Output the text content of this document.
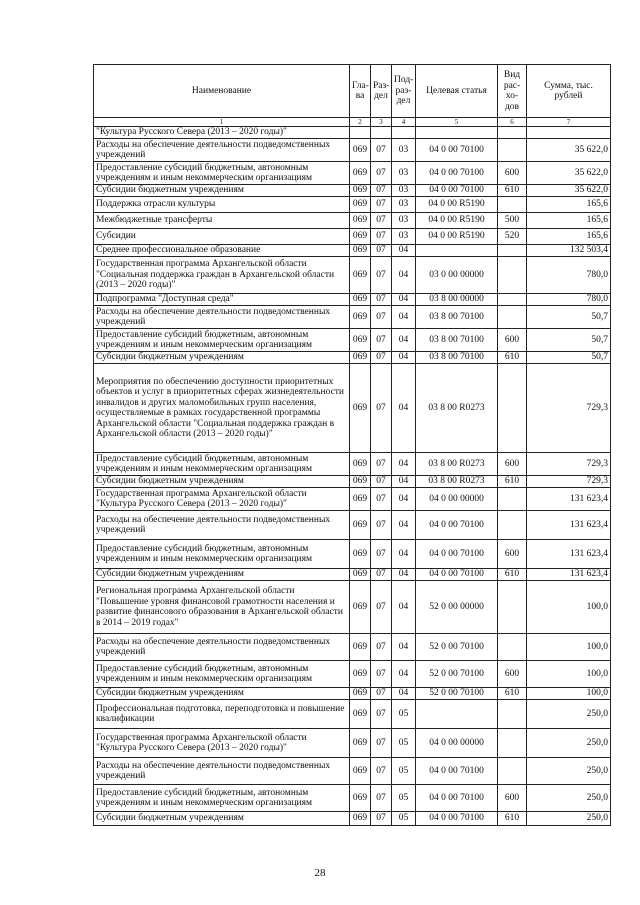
Наименование	Гла-ва	Раз-дел	Под-раз-дел	Целевая статья	Вид рас-хо-дов	Сумма, тыс. рублей
1	2	3	4	5	6	7
"Культура Русского Севера (2013 – 2020 годы)"						
Расходы на обеспечение деятельности подведомственных учреждений	069	07	03	04 0 00 70100		35 622,0
Предоставление субсидий бюджетным, автономным учреждениям и иным некоммерческим организациям	069	07	03	04 0 00 70100	600	35 622,0
Субсидии бюджетным учреждениям	069	07	03	04 0 00 70100	610	35 622,0
Поддержка отрасли культуры	069	07	03	04 0 00 R5190		165,6
Межбюджетные трансферты	069	07	03	04 0 00 R5190	500	165,6
Субсидии	069	07	03	04 0 00 R5190	520	165,6
Среднее профессиональное образование	069	07	04			132 503,4
Государственная программа Архангельской области "Социальная поддержка граждан в Архангельской области (2013 – 2020 годы)"	069	07	04	03 0 00 00000		780,0
Подпрограмма "Доступная среда"	069	07	04	03 8 00 00000		780,0
Расходы на обеспечение деятельности подведомственных учреждений	069	07	04	03 8 00 70100		50,7
Предоставление субсидий бюджетным, автономным учреждениям и иным некоммерческим организациям	069	07	04	03 8 00 70100	600	50,7
Субсидии бюджетным учреждениям	069	07	04	03 8 00 70100	610	50,7
Мероприятия по обеспечению доступности приоритетных объектов и услуг в приоритетных сферах жизнедеятельности инвалидов и других маломобильных групп населения, осуществляемые в рамках государственной программы Архангельской области "Социальная поддержка граждан в Архангельской области (2013 – 2020 годы)"	069	07	04	03 8 00 R0273		729,3
Предоставление субсидий бюджетным, автономным учреждениям и иным некоммерческим организациям	069	07	04	03 8 00 R0273	600	729,3
Субсидии бюджетным учреждениям	069	07	04	03 8 00 R0273	610	729,3
Государственная программа Архангельской области "Культура Русского Севера (2013 – 2020 годы)"	069	07	04	04 0 00 00000		131 623,4
Расходы на обеспечение деятельности подведомственных учреждений	069	07	04	04 0 00 70100		131 623,4
Предоставление субсидий бюджетным, автономным учреждениям и иным некоммерческим организациям	069	07	04	04 0 00 70100	600	131 623,4
Субсидии бюджетным учреждениям	069	07	04	04 0 00 70100	610	131 623,4
Региональная программа Архангельской области "Повышение уровня финансовой грамотности населения и развитие финансового образования в Архангельской области в 2014 – 2019 годах"	069	07	04	52 0 00 00000		100,0
Расходы на обеспечение деятельности подведомственных учреждений	069	07	04	52 0 00 70100		100,0
Предоставление субсидий бюджетным, автономным учреждениям и иным некоммерческим организациям	069	07	04	52 0 00 70100	600	100,0
Субсидии бюджетным учреждениям	069	07	04	52 0 00 70100	610	100,0
Профессиональная подготовка, переподготовка и повышение квалификации	069	07	05			250,0
Государственная программа Архангельской области "Культура Русского Севера (2013 – 2020 годы)"	069	07	05	04 0 00 00000		250,0
Расходы на обеспечение деятельности подведомственных учреждений	069	07	05	04 0 00 70100		250,0
Предоставление субсидий бюджетным, автономным учреждениям и иным некоммерческим организациям	069	07	05	04 0 00 70100	600	250,0
Субсидии бюджетным учреждениям	069	07	05	04 0 00 70100	610	250,0
28
